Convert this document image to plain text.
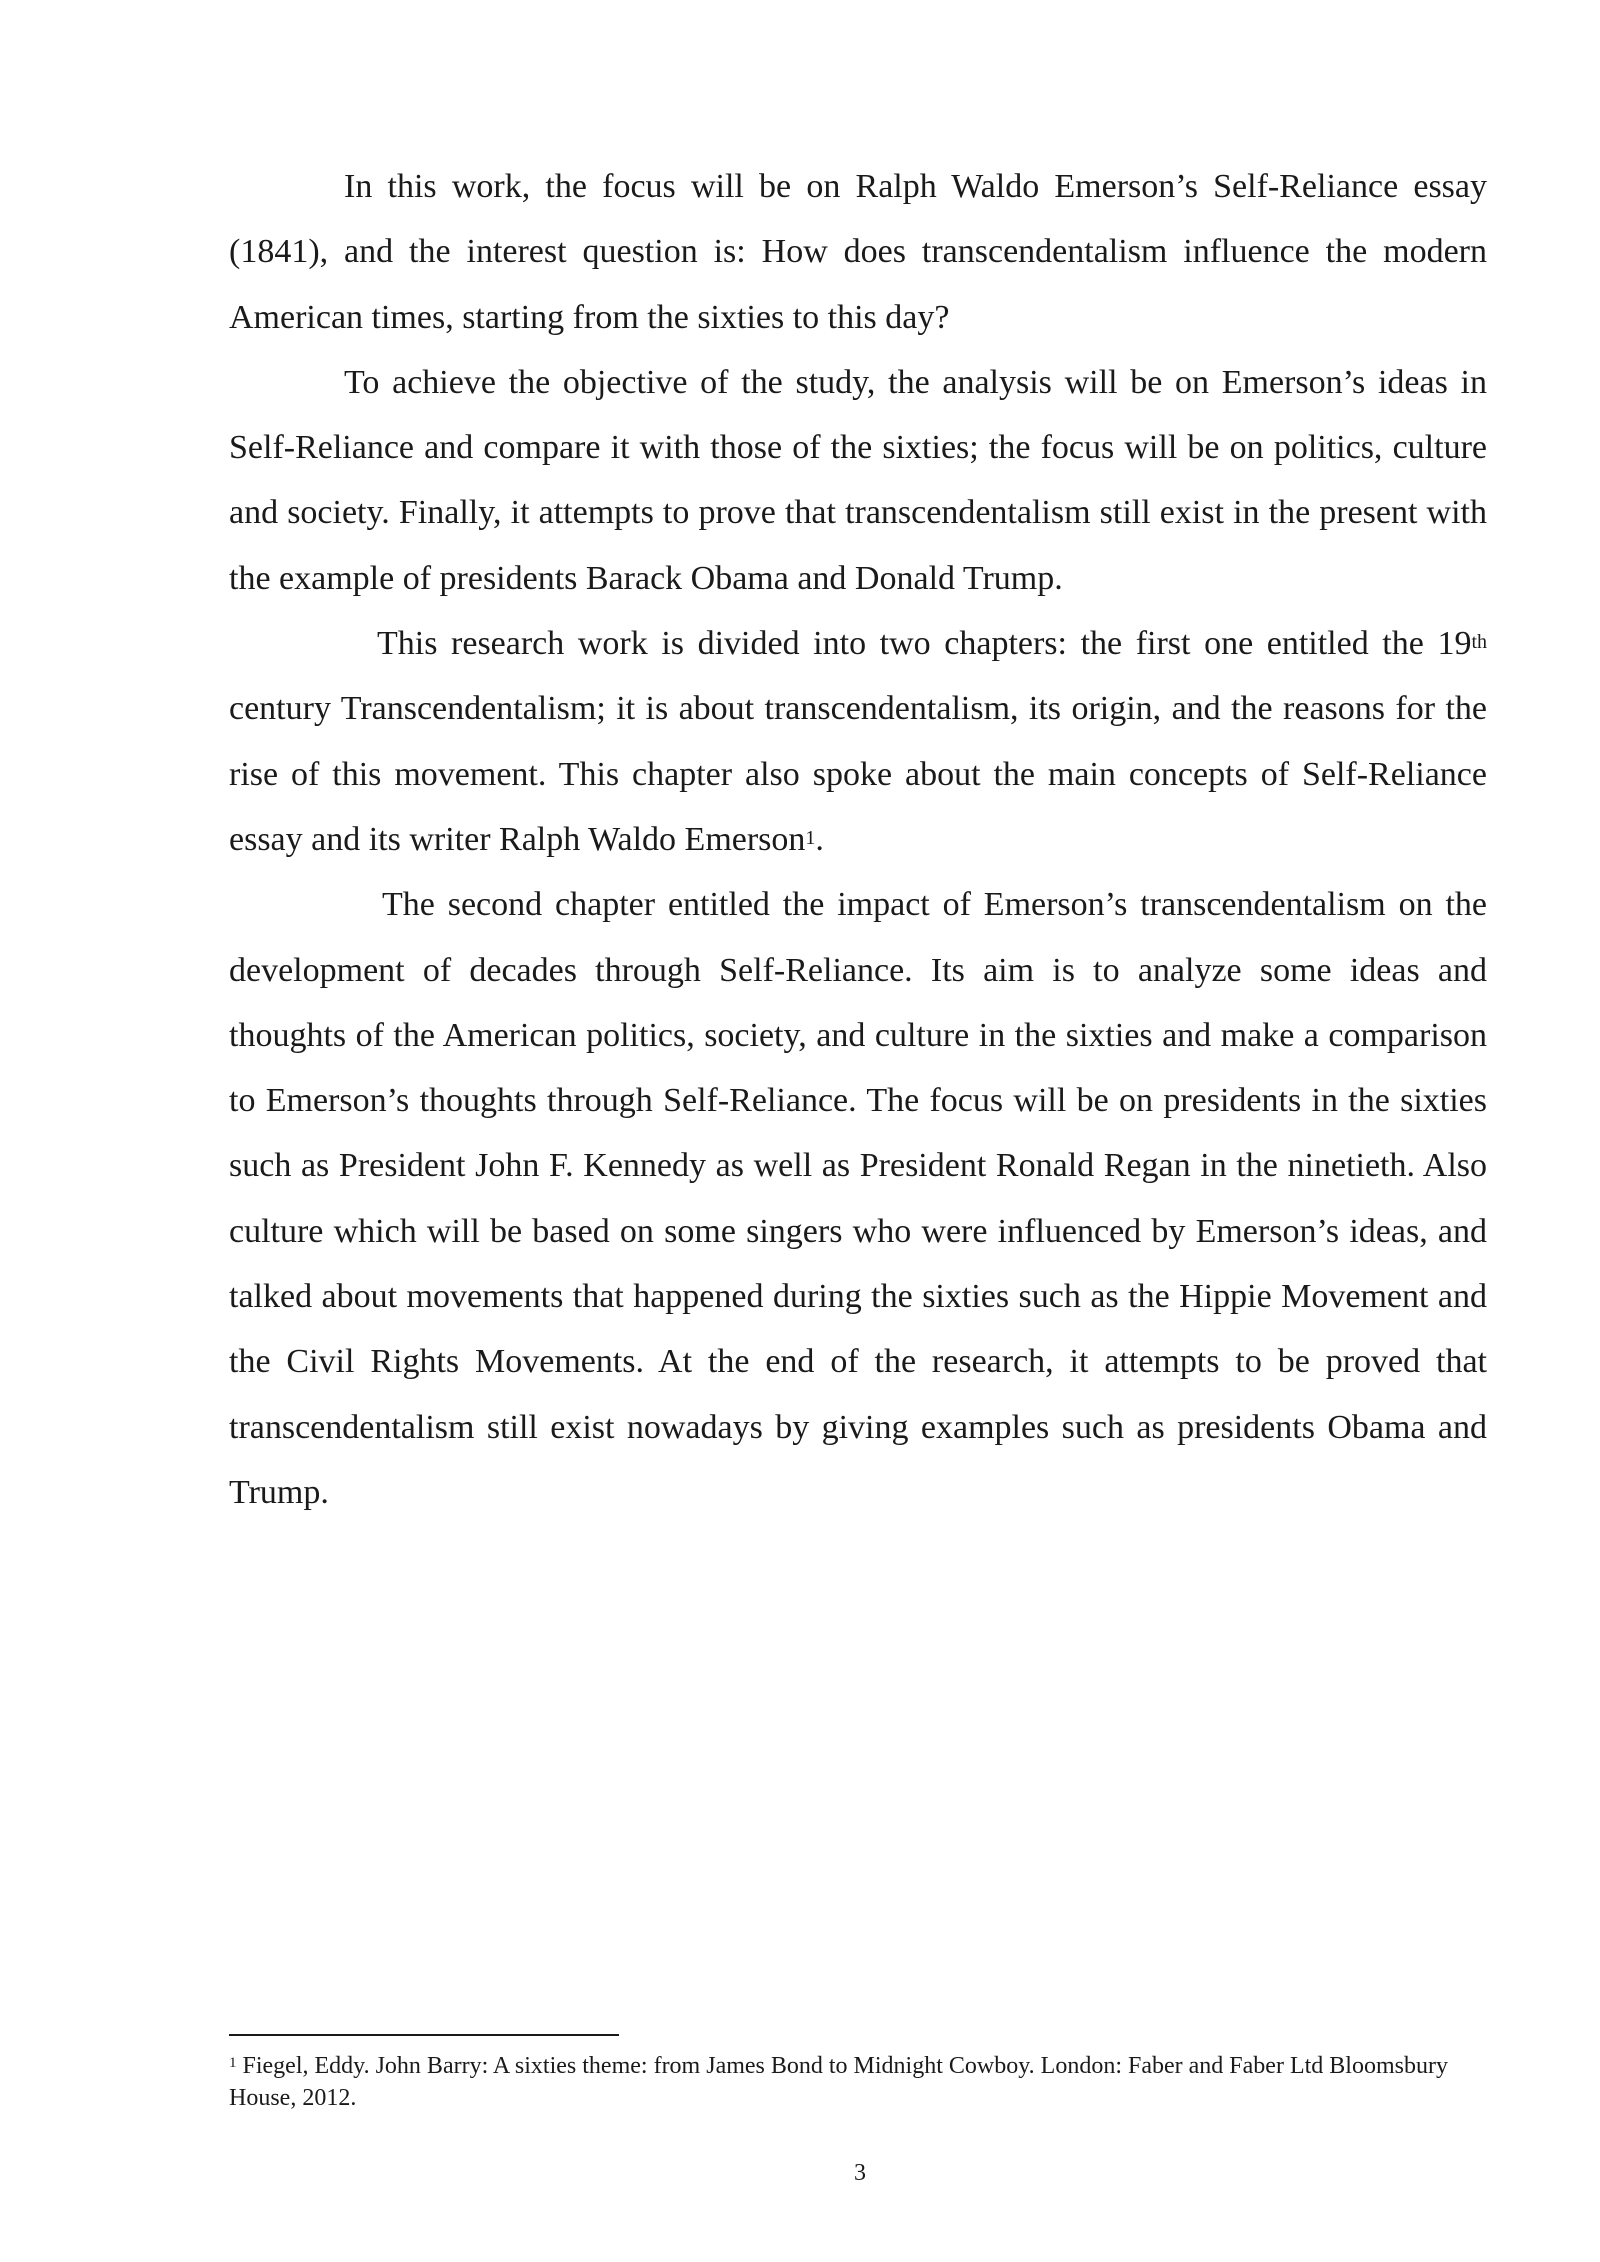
In this work, the focus will be on Ralph Waldo Emerson’s Self-Reliance essay (1841), and the interest question is: How does transcendentalism influence the modern American times, starting from the sixties to this day?

To achieve the objective of the study, the analysis will be on Emerson’s ideas in Self-Reliance and compare it with those of the sixties; the focus will be on politics, culture and society. Finally, it attempts to prove that transcendentalism still exist in the present with the example of presidents Barack Obama and Donald Trump.

This research work is divided into two chapters: the first one entitled the 19th century Transcendentalism; it is about transcendentalism, its origin, and the reasons for the rise of this movement. This chapter also spoke about the main concepts of Self-Reliance essay and its writer Ralph Waldo Emerson$^1$.

The second chapter entitled the impact of Emerson’s transcendentalism on the development of decades through Self-Reliance. Its aim is to analyze some ideas and thoughts of the American politics, society, and culture in the sixties and make a comparison to Emerson’s thoughts through Self-Reliance. The focus will be on presidents in the sixties such as President John F. Kennedy as well as President Ronald Regan in the ninetieth. Also culture which will be based on some singers who were influenced by Emerson’s ideas, and talked about movements that happened during the sixties such as the Hippie Movement and the Civil Rights Movements. At the end of the research, it attempts to be proved that transcendentalism still exist nowadays by giving examples such as presidents Obama and Trump.

$^1$ Fiegel, Eddy. John Barry: A sixties theme: from James Bond to Midnight Cowboy. London: Faber and Faber Ltd Bloomsbury House, 2012.

3
